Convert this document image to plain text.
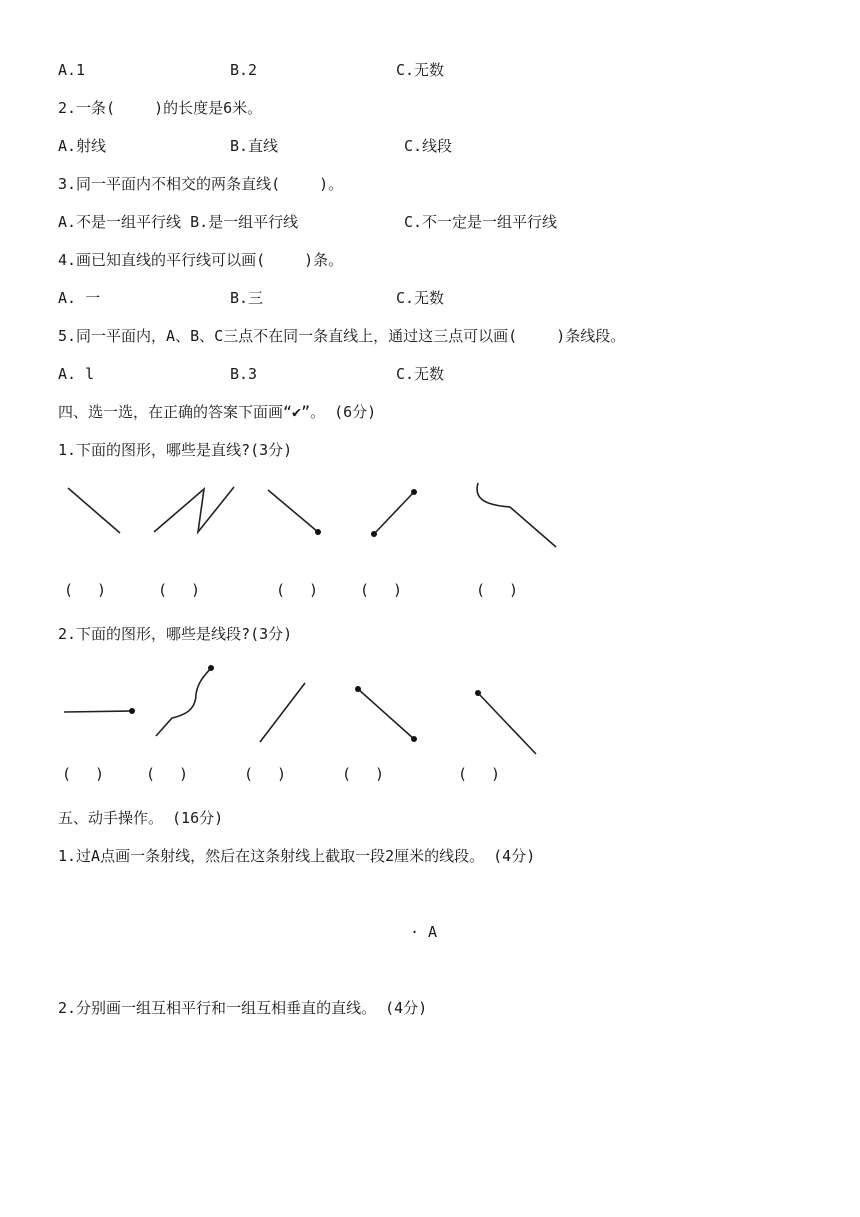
A.1	B.2	C.无数
2.一条(　　 )的长度是6米。
A.射线	B.直线	C.线段
3.同一平面内不相交的两条直线(　　 )。
A.不是一组平行线 B.是一组平行线	C.不一定是一组平行线
4.画已知直线的平行线可以画(　　 )条。
A. 一	B.三	C.无数
5.同一平面内，A、B、C三点不在同一条直线上，通过这三点可以画(　　 )条线段。
A. l	B.3	C.无数
四、选一选，在正确的答案下面画“✔”。 (6分)
1.下面的图形，哪些是直线?(3分)
(　 )	(　 )	(　 )	(　 )	(　 )
2.下面的图形，哪些是线段?(3分)
(　 )	(　 )	(　 )	(　 )	(　 )
五、动手操作。 (16分)
1.过A点画一条射线，然后在这条射线上截取一段2厘米的线段。 (4分)
· A
2.分别画一组互相平行和一组互相垂直的直线。 (4分)
